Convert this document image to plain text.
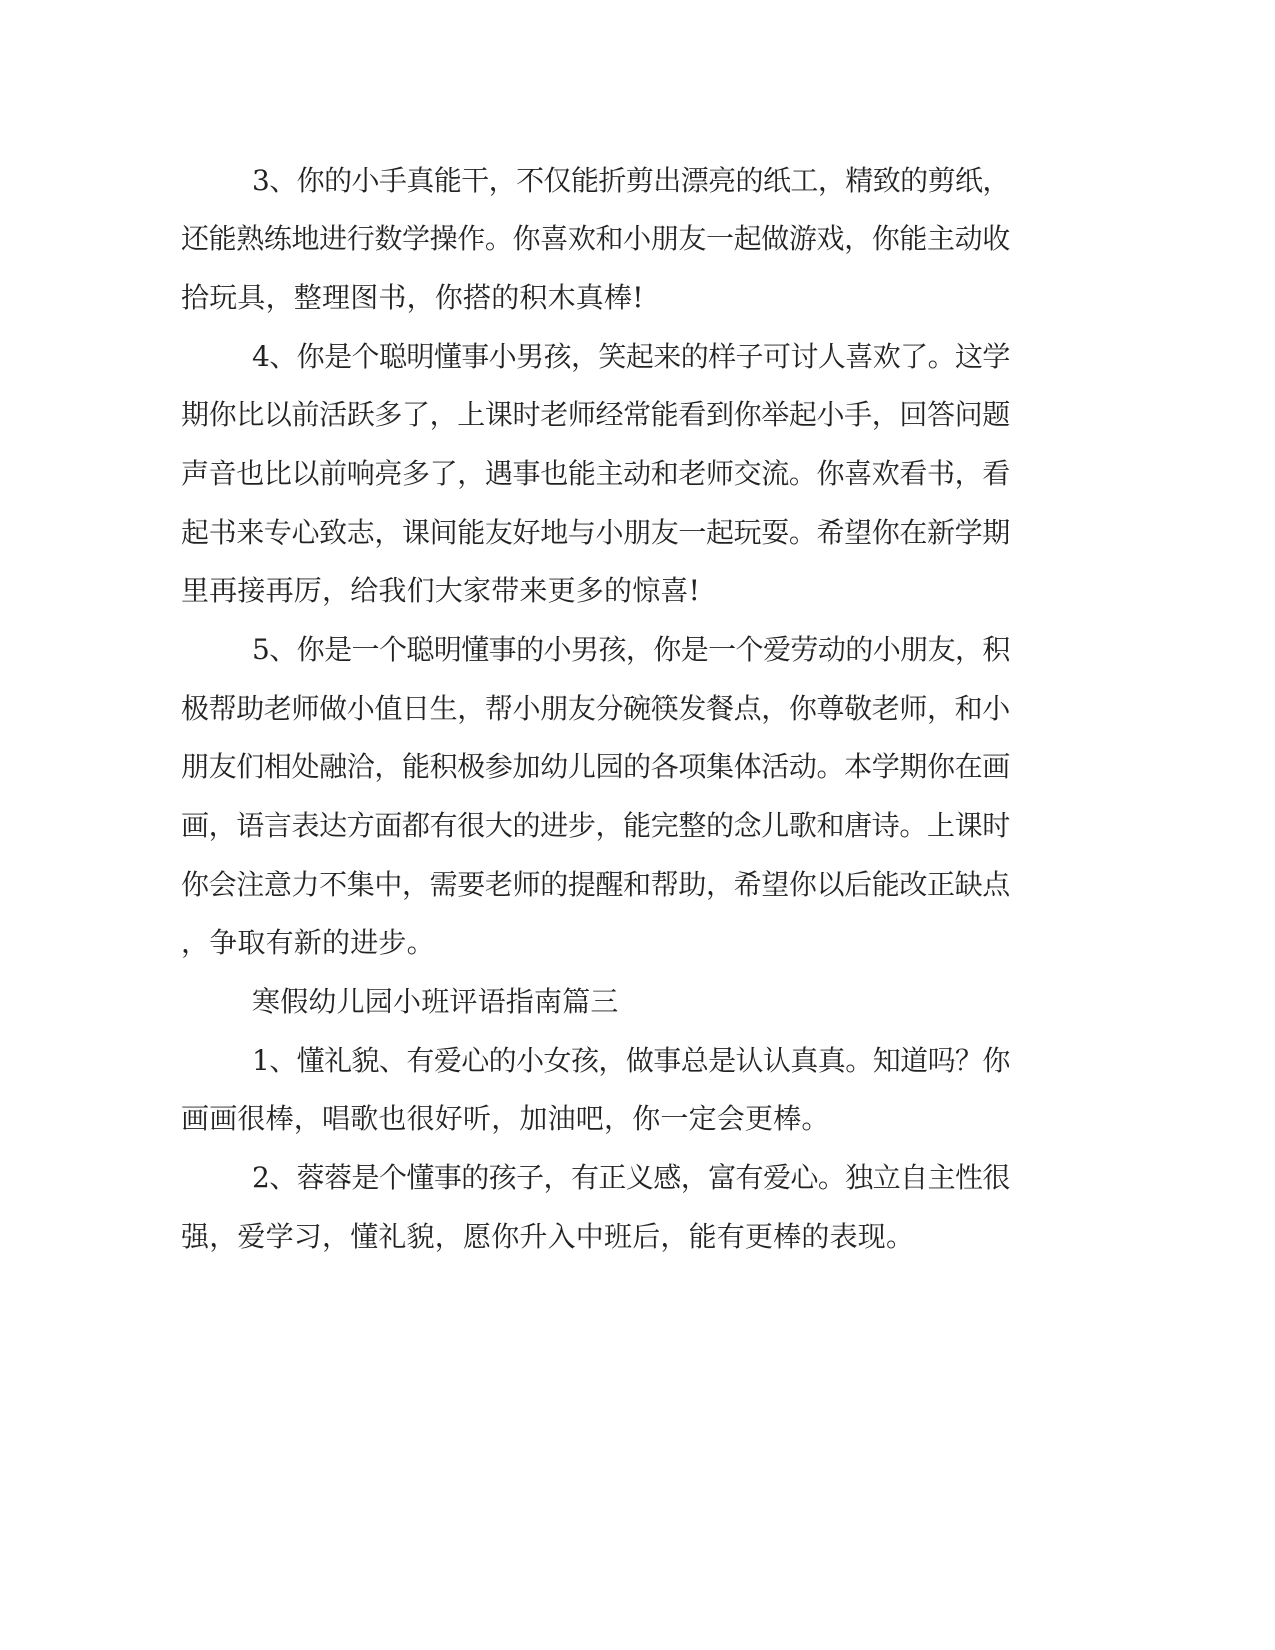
3、你的小手真能干，不仅能折剪出漂亮的纸工，精致的剪纸，

还能熟练地进行数学操作。你喜欢和小朋友一起做游戏，你能主动收

拾玩具，整理图书，你搭的积木真棒!

4、你是个聪明懂事小男孩，笑起来的样子可讨人喜欢了。这学

期你比以前活跃多了，上课时老师经常能看到你举起小手，回答问题

声音也比以前响亮多了，遇事也能主动和老师交流。你喜欢看书，看

起书来专心致志，课间能友好地与小朋友一起玩耍。希望你在新学期

里再接再厉，给我们大家带来更多的惊喜!

5、你是一个聪明懂事的小男孩，你是一个爱劳动的小朋友，积

极帮助老师做小值日生，帮小朋友分碗筷发餐点，你尊敬老师，和小

朋友们相处融洽，能积极参加幼儿园的各项集体活动。本学期你在画

画，语言表达方面都有很大的进步，能完整的念儿歌和唐诗。上课时

你会注意力不集中，需要老师的提醒和帮助，希望你以后能改正缺点

，争取有新的进步。

寒假幼儿园小班评语指南篇三

1、懂礼貌、有爱心的小女孩，做事总是认认真真。知道吗？你

画画很棒，唱歌也很好听，加油吧，你一定会更棒。

2、蓉蓉是个懂事的孩子，有正义感，富有爱心。独立自主性很

强，爱学习，懂礼貌，愿你升入中班后，能有更棒的表现。
